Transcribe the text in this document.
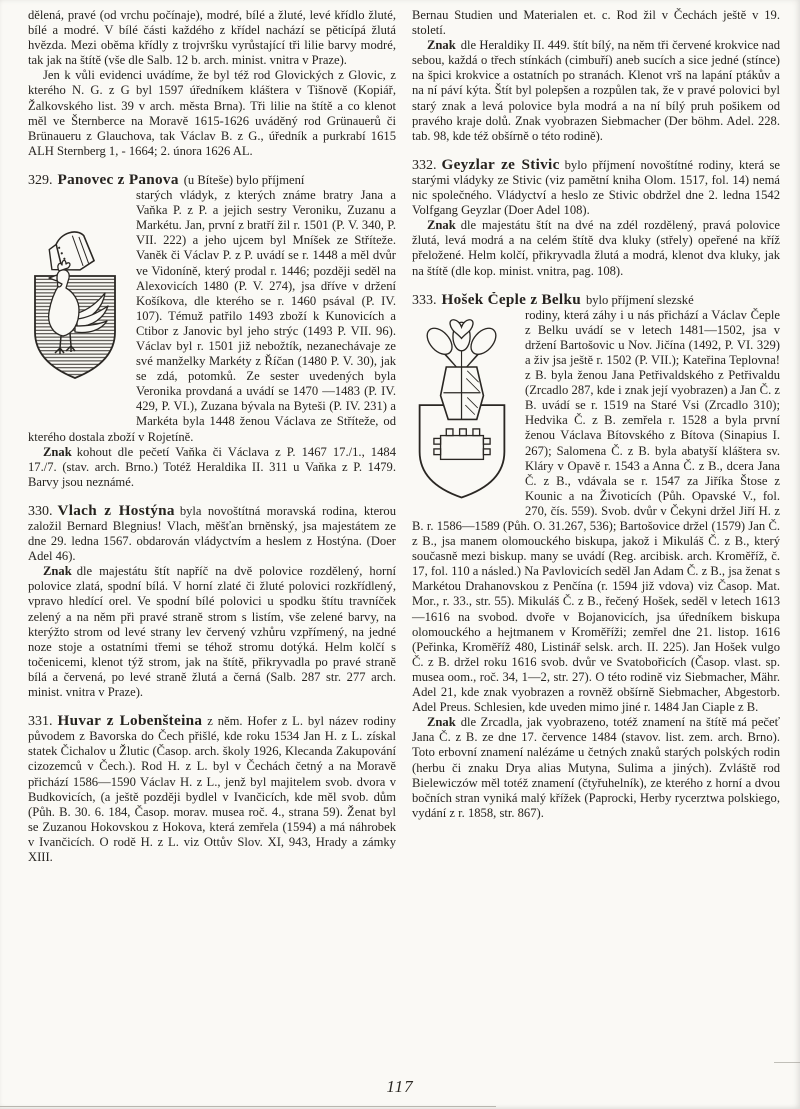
dělená, pravé (od vrchu počínaje), modré, bílé a žluté, levé křídlo žluté, bílé a modré. V bílé části každého z křídel nachází se pěticípá žlutá hvězda. Mezi oběma křídly z trojvršku vyrůstající tři lilie barvy modré, tak jak na štítě (vše dle Salb. 12 b. arch. minist. vnitra v Praze).

Jen k vůli evidenci uvádíme, že byl též rod Glovických z Glovic, z kterého N. G. z G byl 1597 úředníkem kláštera v Tišnově (Kopiář, Žalkovského list. 39 v arch. města Brna). Tři lilie na štítě a co klenot měl ve Šternberce na Moravě 1615-1626 uváděný rod Grünauerů či Brünaueru z Glauchova, tak Václav B. z G., úředník a purkrabí 1615 ALH Sternberg 1, - 1664; 2. února 1626 AL.

329. Panovec z Panova (u Bíteše) bylo příjmení

starých vládyk, z kterých známe bratry Jana a Vaňka P. z P. a jejich sestry Veroniku, Zuzanu a Markétu. Jan, první z bratří žil r. 1501 (P. V. 340, P. VII. 222) a jeho ujcem byl Mníšek ze Stříteže. Vaněk či Václav P. z P. uvádí se r. 1448 a měl dvůr ve Vidoníně, který prodal r. 1446; později seděl na Alexovicích 1480 (P. V. 274), jsa dříve v držení Košíkova, dle kterého se r. 1460 psával (P. IV. 107). Témuž patřilo 1493 zboží k Kunovicích a Ctibor z Janovic byl jeho strýc (1493 P. VII. 96). Václav byl r. 1501 již nebožtík, nezanechávaje ze své manželky Markéty z Říčan (1480 P. V. 30), jak se zdá, potomků. Ze sester uvedených byla Veronika provdaná a uvádí se 1470 —1483 (P. IV. 429, P. VI.), Zuzana bývala na Byteši (P. IV. 231) a Markéta byla 1448 ženou Václava ze Stříteže, od kterého dostala zboží v Rojetíně.

Znak kohout dle pečetí Vaňka či Václava z P. 1467 17./1., 1484 17./7. (stav. arch. Brno.) Totéž Heraldika II. 311 u Vaňka z P. 1479. Barvy jsou neznámé.

330. Vlach z Hostýna byla novoštítná moravská rodina, kterou založil Bernard Blegnius! Vlach, měšťan brněnský, jsa majestátem ze dne 29. ledna 1567. obdarován vládyctvím a heslem z Hostýna. (Doer Adel 46).

Znak dle majestátu štít napříč na dvě polovice rozdělený, horní polovice zlatá, spodní bílá. V horní zlaté či žluté polovici rozkřídlený, vpravo hledící orel. Ve spodní bílé polovici u spodku štítu travníček zelený a na něm při pravé straně strom s listím, vše zelené barvy, na kterýžto strom od levé strany lev červený vzhůru vzpřímený, na jedné noze stoje a ostatními třemi se téhož stromu dotýká. Helm kolčí s točenicemi, klenot týž strom, jak na štítě, přikryvadla po pravé straně bílá a červená, po levé straně žlutá a černá (Salb. 287 str. 277 arch. minist. vnitra v Praze).

331. Huvar z Lobenšteina z něm. Hofer z L. byl název rodiny původem z Bavorska do Čech přišlé, kde roku 1534 Jan H. z L. získal statek Čichalov u Žlutic (Časop. arch. školy 1926, Klecanda Zakupování cizozemců v Čech.). Rod H. z L. byl v Čechách četný a na Moravě přichází 1586—1590 Václav H. z L., jenž byl majitelem svob. dvora v Budkovicích, (a ještě později bydlel v Ivančicích, kde měl svob. dům (Půh. B. 30. 6. 184, Časop. morav. musea roč. 4., strana 59). Ženat byl se Zuzanou Hokovskou z Hokova, která zemřela (1594) a má náhrobek v Ivančicích. O rodě H. z L. viz Ottův Slov. XI, 943, Hrady a zámky XIII.

Bernau Studien und Materialen et. c. Rod žil v Čechách ještě v 19. století.

Znak dle Heraldiky II. 449. štít bílý, na něm tři červené krokvice nad sebou, každá o třech stínkách (cimbuří) aneb sucích a sice jedné (stínce) na špici krokvice a ostatních po stranách. Klenot vrš na lapání ptákův a na ní páví kýta. Štít byl polepšen a rozpůlen tak, že v pravé polovici byl starý znak a levá polovice byla modrá a na ní bílý pruh pošikem od pravého kraje dolů. Znak vyobrazen Siebmacher (Der böhm. Adel. 228. tab. 98, kde též obšírně o této rodině).

332. Geyzlar ze Stivic bylo příjmení novoštítné rodiny, která se starými vládyky ze Stivic (viz pamětní kniha Olom. 1517, fol. 14) nemá nic společného. Vládyctví a heslo ze Stivic obdržel dne 2. ledna 1542 Volfgang Geyzlar (Doer Adel 108).

Znak dle majestátu štít na dvé na zdél rozdělený, pravá polovice žlutá, levá modrá a na celém štítě dva kluky (střely) opeřené na kříž přeložené. Helm kolčí, přikryvadla žlutá a modrá, klenot dva kluky, jak na štítě (dle kop. minist. vnitra, pag. 108).

333. Hošek Čeple z Belku bylo příjmení slezské

rodiny, která záhy i u nás přichází a Václav Čeple z Belku uvádí se v letech 1481—1502, jsa v držení Bartošovic u Nov. Jičína (1492, P. VI. 329) a živ jsa ještě r. 1502 (P. VII.); Kateřina Teplovna! z B. byla ženou Jana Petřivaldského z Petřivaldu (Zrcadlo 287, kde i znak její vyobrazen) a Jan Č. z B. uvádí se r. 1519 na Staré Vsi (Zrcadlo 310); Hedvika Č. z B. zemřela r. 1528 a byla první ženou Václava Bítovského z Bítova (Sinapius I. 267); Salomena Č. z B. byla abatyší kláštera sv. Kláry v Opavě r. 1543 a Anna Č. z B., dcera Jana Č. z B., vdávala se r. 1547 za Jiříka Štose z Kounic a na Životicích (Půh. Opavské V., fol. 270, čís. 559). Svob. dvůr v Čekyni držel Jiří H. z B. r. 1586—1589 (Půh. O. 31.267, 536); Bartošovice držel (1579) Jan Č. z B., jsa manem olomouckého biskupa, jakož i Mikuláš Č. z B., který současně mezi biskup. many se uvádí (Reg. arcibisk. arch. Kroměříž, č. 17, fol. 110 a násled.) Na Pavlovicích seděl Jan Adam Č. z B., jsa ženat s Markétou Drahanovskou z Penčína (r. 1594 již vdova) viz Časop. Mat. Mor., r. 33., str. 55). Mikuláš Č. z B., řečený Hošek, seděl v letech 1613—1616 na svobod. dvoře v Bojanovicích, jsa úředníkem biskupa olomouckého a hejtmanem v Kroměříži; zemřel dne 21. listop. 1616 (Peřinka, Kroměříž 480, Listinář selsk. arch. II. 225). Jan Hošek vulgo Č. z B. držel roku 1616 svob. dvůr ve Svatobořicích (Časop. vlast. sp. musea oom., roč. 34, 1—2, str. 27). O této rodině viz Siebmacher, Mähr. Adel 21, kde znak vyobrazen a rovněž obšírně Siebmacher, Abgestorb. Adel Preus. Schlesien, kde uveden mimo jiné r. 1484 Jan Ciaple z B.

Znak dle Zrcadla, jak vyobrazeno, totéž znamení na štítě má pečeť Jana Č. z B. ze dne 17. července 1484 (stavov. list. zem. arch. Brno). Toto erbovní znamení nalézáme u četných znaků starých polských rodin (herbu či znaku Drya alias Mutyna, Sulima a jiných). Zvláště rod Bielewiczów měl totéž znamení (čtyřuhelník), ze kterého z horní a dvou bočních stran vyniká malý křížek (Paprocki, Herby rycerztwa polskiego, vydání z r. 1858, str. 867).

117
